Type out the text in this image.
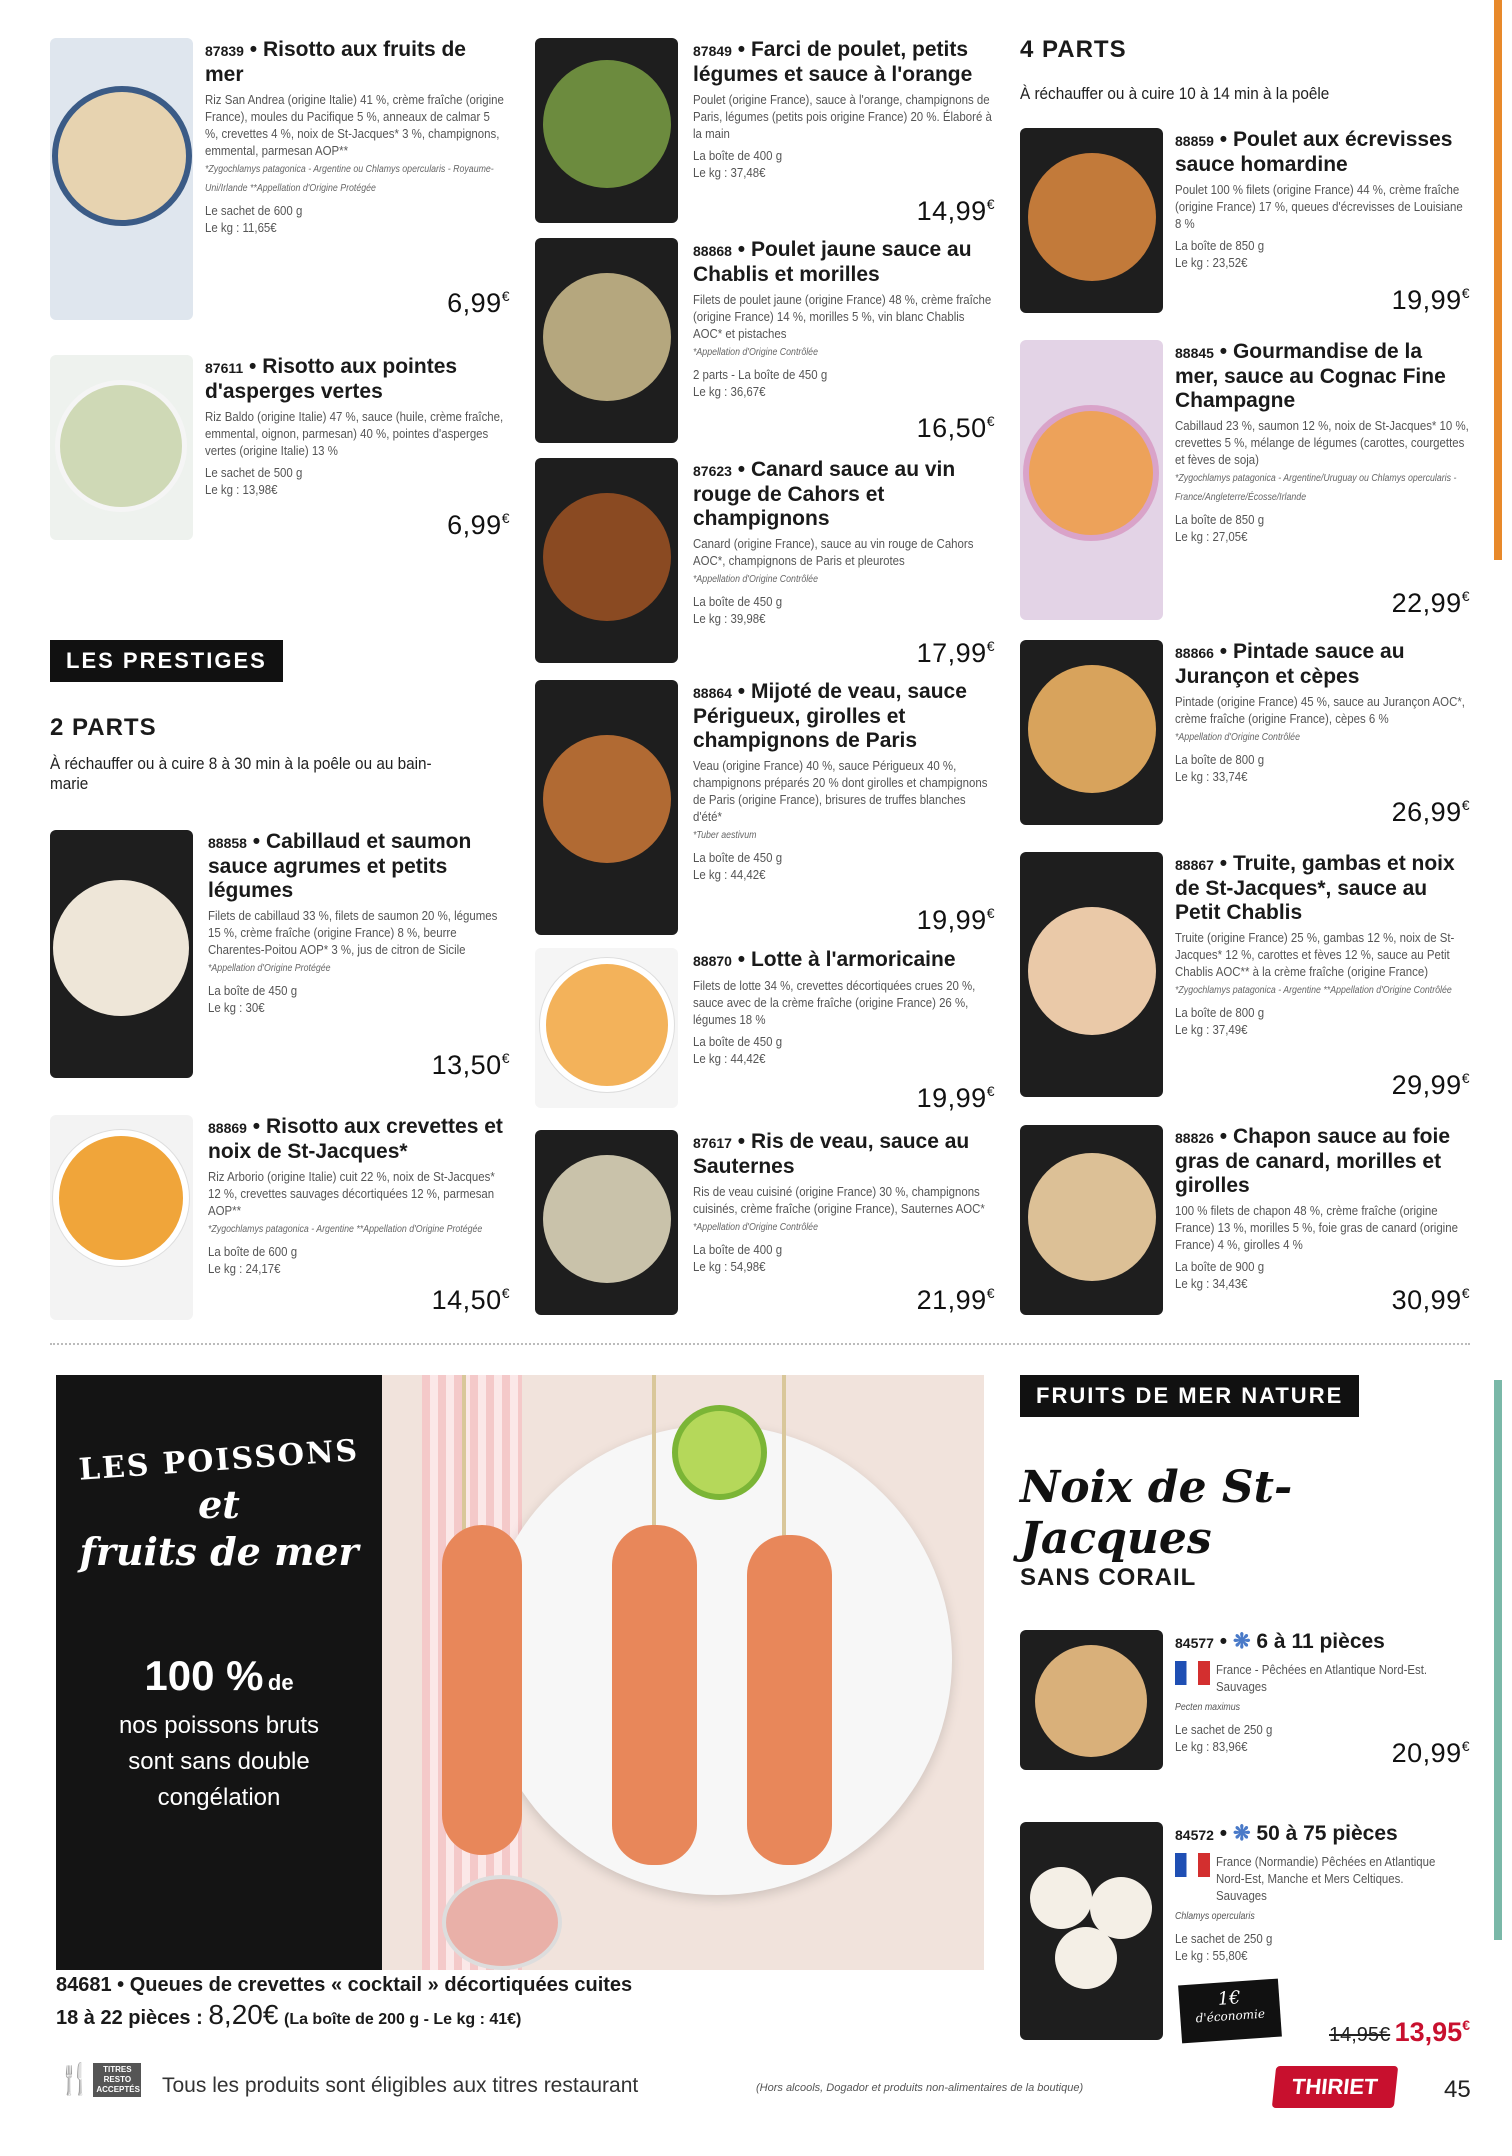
87839 • Risotto aux fruits de mer
Riz San Andrea (origine Italie) 41 %, crème fraîche (origine France), moules du Pacifique 5 %, anneaux de calmar 5 %, crevettes 4 %, noix de St-Jacques* 3 %, champignons, emmental, parmesan AOP**
*Zygochlamys patagonica - Argentine ou Chlamys opercularis - Royaume-Uni/Irlande **Appellation d'Origine Protégée
Le sachet de 600 g
Le kg : 11,65€
6,99€
87611 • Risotto aux pointes d'asperges vertes
Riz Baldo (origine Italie) 47 %, sauce (huile, crème fraîche, emmental, oignon, parmesan) 40 %, pointes d'asperges vertes (origine Italie) 13 %
Le sachet de 500 g
Le kg : 13,98€
6,99€
LES PRESTIGES
2 PARTS
À réchauffer ou à cuire 8 à 30 min à la poêle ou au bain-marie
88858 • Cabillaud et saumon sauce agrumes et petits légumes
Filets de cabillaud 33 %, filets de saumon 20 %, légumes 15 %, crème fraîche (origine France) 8 %, beurre Charentes-Poitou AOP* 3 %, jus de citron de Sicile
*Appellation d'Origine Protégée
La boîte de 450 g
Le kg : 30€
13,50€
88869 • Risotto aux crevettes et noix de St-Jacques*
Riz Arborio (origine Italie) cuit 22 %, noix de St-Jacques* 12 %, crevettes sauvages décortiquées 12 %, parmesan AOP**
*Zygochlamys patagonica - Argentine **Appellation d'Origine Protégée
La boîte de 600 g
Le kg : 24,17€
14,50€
87849 • Farci de poulet, petits légumes et sauce à l'orange
Poulet (origine France), sauce à l'orange, champignons de Paris, légumes (petits pois origine France) 20 %. Élaboré à la main
La boîte de 400 g
Le kg : 37,48€
14,99€
88868 • Poulet jaune sauce au Chablis et morilles
Filets de poulet jaune (origine France) 48 %, crème fraîche (origine France) 14 %, morilles 5 %, vin blanc Chablis AOC* et pistaches
*Appellation d'Origine Contrôlée
2 parts - La boîte de 450 g
Le kg : 36,67€
16,50€
87623 • Canard sauce au vin rouge de Cahors et champignons
Canard (origine France), sauce au vin rouge de Cahors AOC*, champignons de Paris et pleurotes
*Appellation d'Origine Contrôlée
La boîte de 450 g
Le kg : 39,98€
17,99€
88864 • Mijoté de veau, sauce Périgueux, girolles et champignons de Paris
Veau (origine France) 40 %, sauce Périgueux 40 %, champignons préparés 20 % dont girolles et champignons de Paris (origine France), brisures de truffes blanches d'été*
*Tuber aestivum
La boîte de 450 g
Le kg : 44,42€
19,99€
88870 • Lotte à l'armoricaine
Filets de lotte 34 %, crevettes décortiquées crues 20 %, sauce avec de la crème fraîche (origine France) 26 %, légumes 18 %
La boîte de 450 g
Le kg : 44,42€
19,99€
87617 • Ris de veau, sauce au Sauternes
Ris de veau cuisiné (origine France) 30 %, champignons cuisinés, crème fraîche (origine France), Sauternes AOC*
*Appellation d'Origine Contrôlée
La boîte de 400 g
Le kg : 54,98€
21,99€
4 PARTS
À réchauffer ou à cuire 10 à 14 min à la poêle
88859 • Poulet aux écrevisses sauce homardine
Poulet 100 % filets (origine France) 44 %, crème fraîche (origine France) 17 %, queues d'écrevisses de Louisiane 8 %
La boîte de 850 g
Le kg : 23,52€
19,99€
88845 • Gourmandise de la mer, sauce au Cognac Fine Champagne
Cabillaud 23 %, saumon 12 %, noix de St-Jacques* 10 %, crevettes 5 %, mélange de légumes (carottes, courgettes et fèves de soja)
*Zygochlamys patagonica - Argentine/Uruguay ou Chlamys opercularis - France/Angleterre/Écosse/Irlande
La boîte de 850 g
Le kg : 27,05€
22,99€
88866 • Pintade sauce au Jurançon et cèpes
Pintade (origine France) 45 %, sauce au Jurançon AOC*, crème fraîche (origine France), cèpes 6 %
*Appellation d'Origine Contrôlée
La boîte de 800 g
Le kg : 33,74€
26,99€
88867 • Truite, gambas et noix de St-Jacques*, sauce au Petit Chablis
Truite (origine France) 25 %, gambas 12 %, noix de St-Jacques* 12 %, carottes et fèves 12 %, sauce au Petit Chablis AOC** à la crème fraîche (origine France)
*Zygochlamys patagonica - Argentine **Appellation d'Origine Contrôlée
La boîte de 800 g
Le kg : 37,49€
29,99€
88826 • Chapon sauce au foie gras de canard, morilles et girolles
100 % filets de chapon 48 %, crème fraîche (origine France) 13 %, morilles 5 %, foie gras de canard (origine France) 4 %, girolles 4 %
La boîte de 900 g
Le kg : 34,43€
30,99€
LES POISSONS
et
fruits de mer
100 % de
nos poissons bruts
sont sans double
congélation
84681 • Queues de crevettes « cocktail » décortiquées cuites
18 à 22 pièces : 8,20€ (La boîte de 200 g - Le kg : 41€)
FRUITS DE MER NATURE
Noix de St-Jacques
SANS CORAIL
84577 • ❋ 6 à 11 pièces
France - Pêchées en Atlantique Nord-Est. Sauvages
Pecten maximus
Le sachet de 250 g
Le kg : 83,96€	20,99€
84572 • ❋ 50 à 75 pièces
France (Normandie) Pêchées en Atlantique Nord-Est, Manche et Mers Celtiques. Sauvages
Chlamys opercularis
Le sachet de 250 g
Le kg : 55,80€
1€
d'économie
14,95€ 13,95€
🍴	TITRES RESTO ACCEPTÉS Tous les produits sont éligibles aux titres restaurant	(Hors alcools, Dogador et produits non-alimentaires de la boutique)	THIRIET	45
